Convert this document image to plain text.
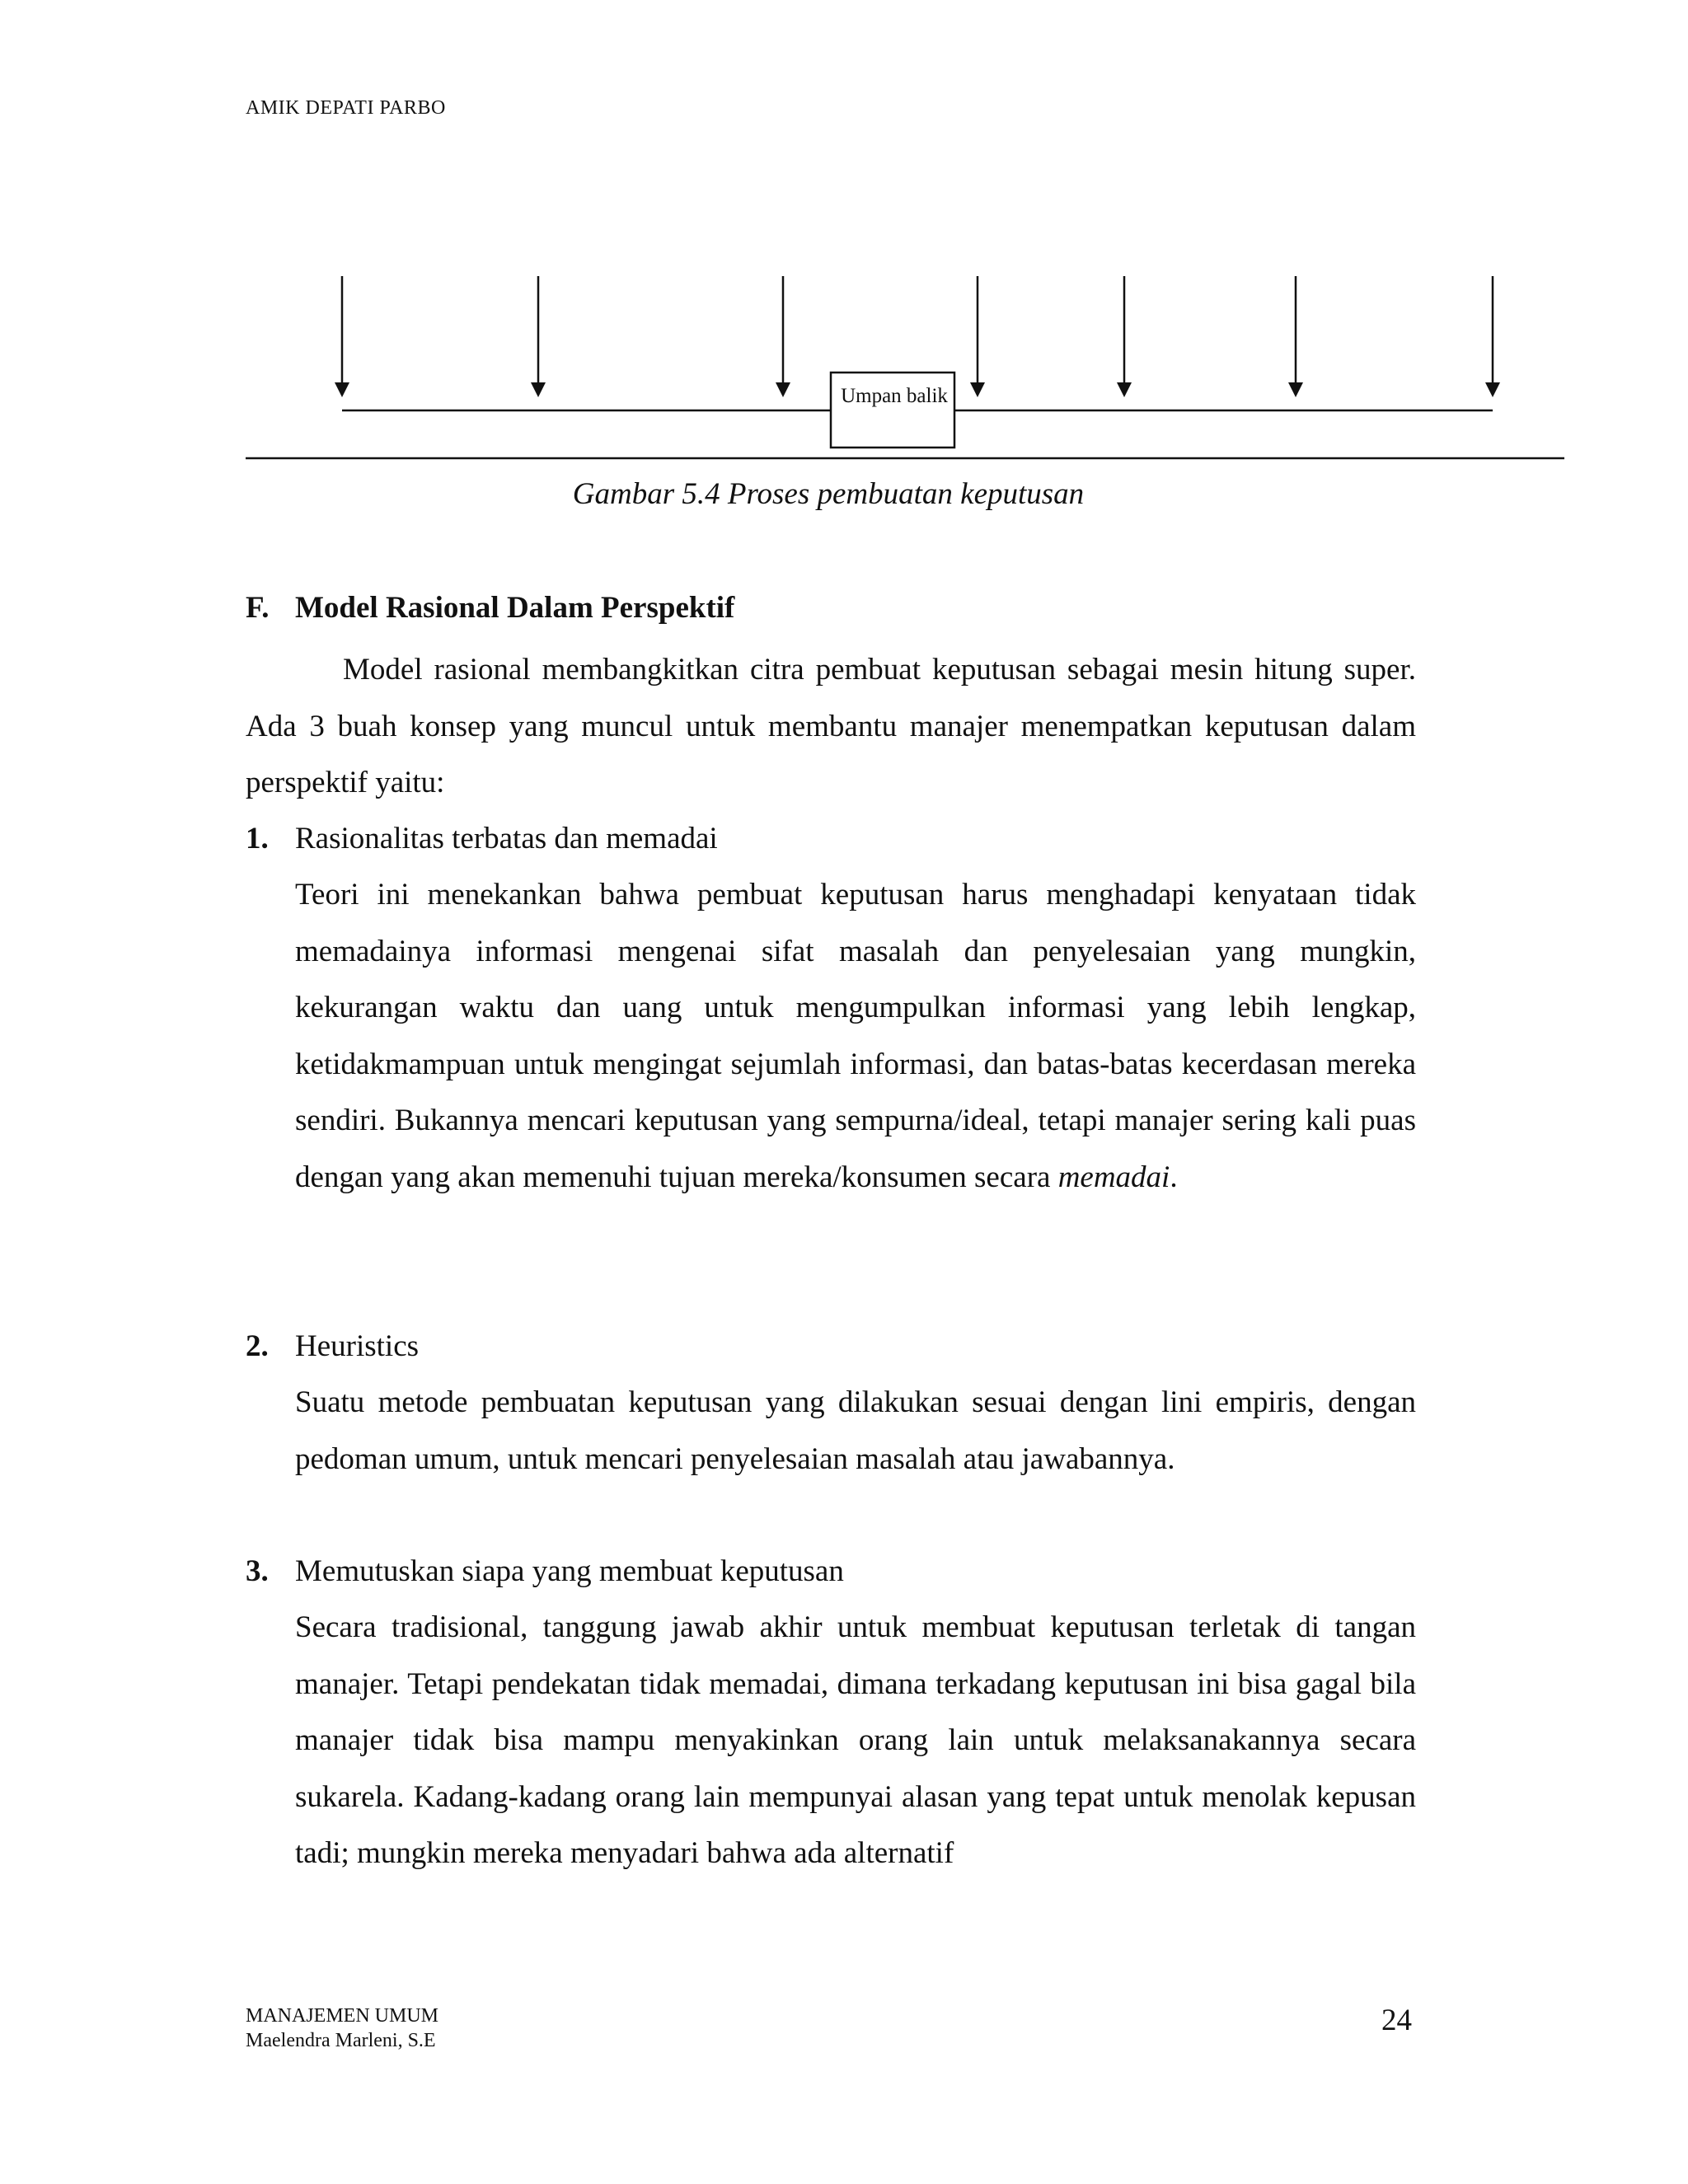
AMIK DEPATI PARBO
Umpan balik
Gambar 5.4 Proses pembuatan keputusan
F. Model Rasional Dalam Perspektif
Model rasional membangkitkan citra pembuat keputusan sebagai mesin hitung super. Ada 3 buah konsep yang muncul untuk membantu manajer menempatkan keputusan dalam perspektif yaitu:
1. Rasionalitas terbatas dan memadai
Teori ini menekankan bahwa pembuat keputusan harus menghadapi kenyataan tidak memadainya informasi mengenai sifat masalah dan penyelesaian yang mungkin, kekurangan waktu dan uang untuk mengumpulkan informasi yang lebih lengkap, ketidakmampuan untuk mengingat sejumlah informasi, dan batas-batas kecerdasan mereka sendiri. Bukannya mencari keputusan yang sempurna/ideal, tetapi manajer sering kali puas dengan yang akan memenuhi tujuan mereka/konsumen secara memadai.
2. Heuristics
Suatu metode pembuatan keputusan yang dilakukan sesuai dengan lini empiris, dengan pedoman umum, untuk mencari penyelesaian masalah atau jawabannya.
3. Memutuskan siapa yang membuat keputusan
Secara tradisional, tanggung jawab akhir untuk membuat keputusan terletak di tangan manajer. Tetapi pendekatan tidak memadai, dimana terkadang keputusan ini bisa gagal bila manajer tidak bisa mampu menyakinkan orang lain untuk melaksanakannya secara sukarela. Kadang-kadang orang lain mempunyai alasan yang tepat untuk menolak kepusan tadi; mungkin mereka menyadari bahwa ada alternatif
MANAJEMEN UMUM
Maelendra Marleni, S.E
24
